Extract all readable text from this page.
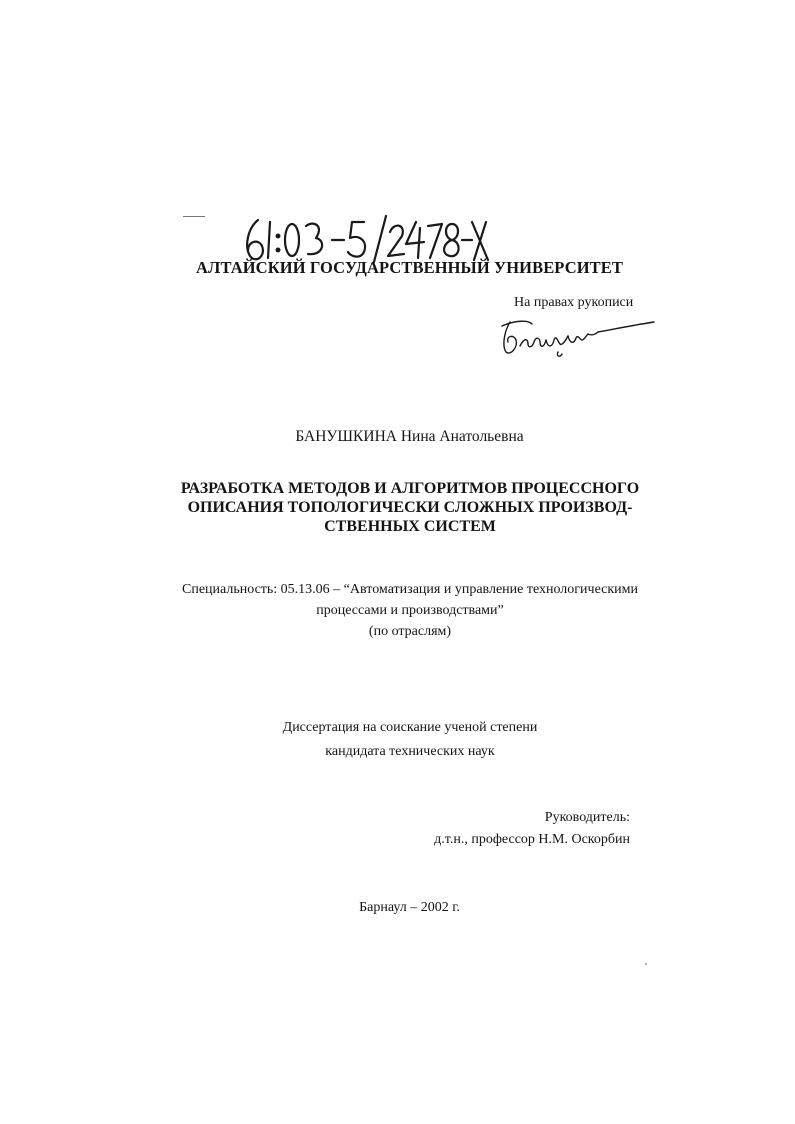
АЛТАЙСКИЙ ГОСУДАРСТВЕННЫЙ УНИВЕРСИТЕТ
На правах рукописи
БАНУШКИНА Нина Анатольевна
РАЗРАБОТКА МЕТОДОВ И АЛГОРИТМОВ ПРОЦЕССНОГО
ОПИСАНИЯ ТОПОЛОГИЧЕСКИ СЛОЖНЫХ ПРОИЗВОД-
СТВЕННЫХ СИСТЕМ
Специальность: 05.13.06 – “Автоматизация и управление технологическими
процессами и производствами”
(по отраслям)
Диссертация на соискание ученой степени
кандидата технических наук
Руководитель:
д.т.н., профессор Н.М. Оскорбин
Барнаул – 2002 г.
